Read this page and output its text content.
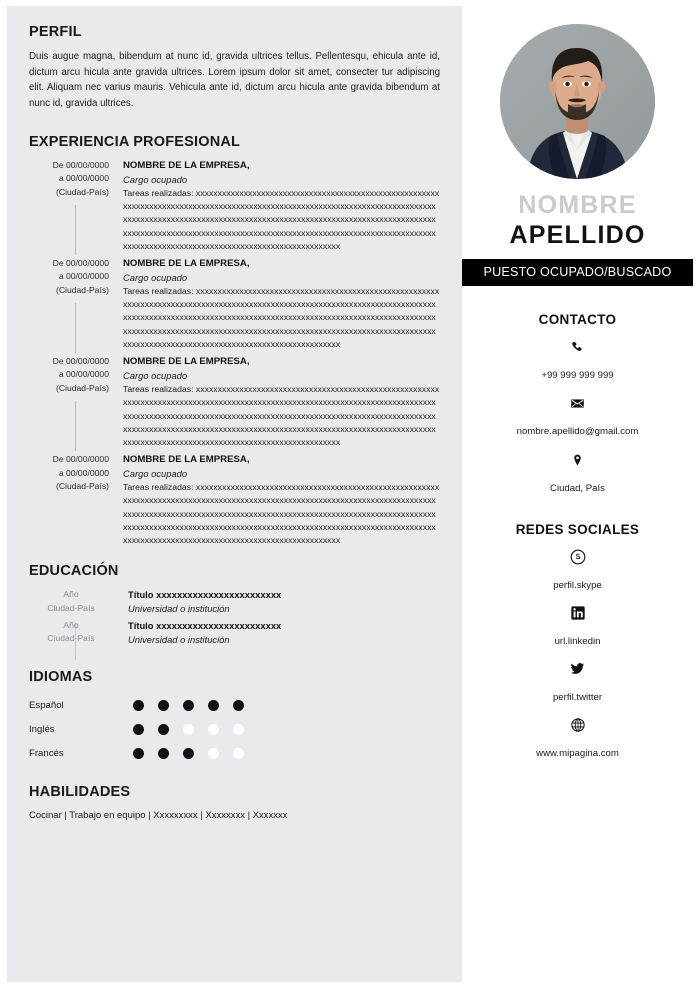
PERFIL

Duis augue magna, bibendum at nunc id, gravida ultrices tellus. Pellentesqu, ehicula ante id, dictum arcu hicula ante gravida ultrices. Lorem ipsum dolor sit amet, consecter tur adipiscing elit. Aliquam nec varius mauris. Vehicula ante id, dictum arcu hicula ante gravida bibendum at nunc id, gravida ultrices.

EXPERIENCIA PROFESIONAL
De 00/00/0000
a 00/00/0000
(Ciudad-País)
NOMBRE DE LA EMPRESA,
Cargo ocupado
Tareas realizadas: xxxxxxxxxxxxxxxxxxxxxxxxxxxxxxxxxxxxxxxxxxxxxxxxxxxxxxxxxxxxxxxxxxxxxxxxxxxxxxxxxxxxxxxxxxxxxxxxxxxxxxxxxxxxxxxxxxxxxxxxxxxxxxxxxxxxxxxxxxxxxxxxxxxxxxxxxxxxxxxxxxxxxxxxxxxxxxxxxxxxxxxxxxxxxxxxxxxxxxxxxxxxxxxxxxxxxxxxxxxxxxxxxxxxxxxxxxxxxxxxxxxxxxxxxxxxxxxxxxxxxxxxxxxxxxxxxxxxxxxxxxxxxxxxxxxxxxxxxxxxxxxxxxxxxxxxxxxxxxxxxx
De 00/00/0000
a 00/00/0000
(Ciudad-País)
NOMBRE DE LA EMPRESA,
Cargo ocupado
Tareas realizadas: xxxxxxxxxxxxxxxxxxxxxxxxxxxxxxxxxxxxxxxxxxxxxxxxxxxxxxxxxxxxxxxxxxxxxxxxxxxxxxxxxxxxxxxxxxxxxxxxxxxxxxxxxxxxxxxxxxxxxxxxxxxxxxxxxxxxxxxxxxxxxxxxxxxxxxxxxxxxxxxxxxxxxxxxxxxxxxxxxxxxxxxxxxxxxxxxxxxxxxxxxxxxxxxxxxxxxxxxxxxxxxxxxxxxxxxxxxxxxxxxxxxxxxxxxxxxxxxxxxxxxxxxxxxxxxxxxxxxxxxxxxxxxxxxxxxxxxxxxxxxxxxxxxxxxxxxxxxxxxxxxx
De 00/00/0000
a 00/00/0000
(Ciudad-País)
NOMBRE DE LA EMPRESA,
Cargo ocupado
Tareas realizadas: xxxxxxxxxxxxxxxxxxxxxxxxxxxxxxxxxxxxxxxxxxxxxxxxxxxxxxxxxxxxxxxxxxxxxxxxxxxxxxxxxxxxxxxxxxxxxxxxxxxxxxxxxxxxxxxxxxxxxxxxxxxxxxxxxxxxxxxxxxxxxxxxxxxxxxxxxxxxxxxxxxxxxxxxxxxxxxxxxxxxxxxxxxxxxxxxxxxxxxxxxxxxxxxxxxxxxxxxxxxxxxxxxxxxxxxxxxxxxxxxxxxxxxxxxxxxxxxxxxxxxxxxxxxxxxxxxxxxxxxxxxxxxxxxxxxxxxxxxxxxxxxxxxxxxxxxxxxxxxxxxx
De 00/00/0000
a 00/00/0000
(Ciudad-País)
NOMBRE DE LA EMPRESA,
Cargo ocupado
Tareas realizadas: xxxxxxxxxxxxxxxxxxxxxxxxxxxxxxxxxxxxxxxxxxxxxxxxxxxxxxxxxxxxxxxxxxxxxxxxxxxxxxxxxxxxxxxxxxxxxxxxxxxxxxxxxxxxxxxxxxxxxxxxxxxxxxxxxxxxxxxxxxxxxxxxxxxxxxxxxxxxxxxxxxxxxxxxxxxxxxxxxxxxxxxxxxxxxxxxxxxxxxxxxxxxxxxxxxxxxxxxxxxxxxxxxxxxxxxxxxxxxxxxxxxxxxxxxxxxxxxxxxxxxxxxxxxxxxxxxxxxxxxxxxxxxxxxxxxxxxxxxxxxxxxxxxxxxxxxxxxxxxxxxx
EDUCACIÓN
Año
Ciudad-País
Título xxxxxxxxxxxxxxxxxxxxxxxx
Universidad o institución
Año
Ciudad-País
Título xxxxxxxxxxxxxxxxxxxxxxxx
Universidad o institución
IDIOMAS
Español
Inglés
Francés
HABILIDADES

Cocinar | Trabajo en equipo | Xxxxxxxxx | Xxxxxxxx | Xxxxxxx

NOMBRE
APELLIDO
PUESTO OCUPADO/BUSCADO
CONTACTO
+99 999 999 999
nombre.apellido@gmail.com
Ciudad, País
REDES SOCIALES
perfil.skype
url.linkedin
perfil.twitter
www.mipagina.com
